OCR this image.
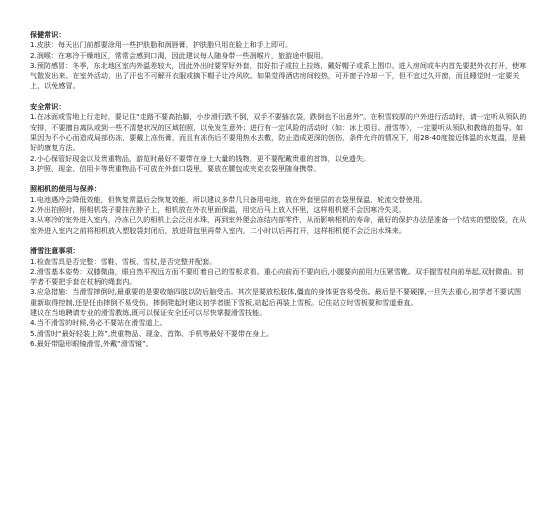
保健常识：

1.皮肤：每天出门前都要涂用一些护肤脂和润唇膏，护肤脂只用在脸上和手上即可。

2.润喉：在寒冷干燥地区，常常会感到口渴，因此建议每人随身带一些润喉片，旅游途中服用。

3.预防感冒：冬季，东北地区室内外温差较大，因此外出时要穿好外套，扣好扣子或拉上拉练，戴好帽子或系上围巾。进入房间或车内首先要把外衣打开，使寒气散发出来。在室外活动，出了汗也不可解开衣服或摘下帽子让冷风吹。如果觉得酒店房间较热，可开窗子冷却一下，但不宜过久开窗，而且睡觉时一定要关上，以免感冒。

安全常识：

1.在冰面或雪地上行走时，要记住“走路不要高抬脚，小步滑行跌不倒，双手不要插衣袋，跌倒也不出意外”。在积雪较厚的户外进行活动时，请一定听从领队的安排，不要擅自离队或到一些不清楚状况的区域拍照，以免发生意外；进行有一定风险的活动时（如：冰上项目、滑雪等），一定要听从领队和教练的指导。如果因为不小心而造成局部伤冻，要戴上冻伤膏，而且有冻伤后不要用热水去敷，防止造成更深的创伤，条件允许的情况下，用28-40度接近体温的水复温，是最好的康复方法。

2.小心保管好现金以及贵重物品，游览时最好不要带在身上大量的钱物，更不要配戴贵重的首饰，以免遗失。

3.护照、现金、信用卡等贵重物品不可放在外套口袋里，要放在腰包或夹克衣袋里随身携带。

照相机的使用与保养：

1.电池遇冷会降低效能，但恢复常温后会恢复效能，所以建议多带几只备用电池，放在外套里层的衣袋里保温，轮流交替使用。

2.外出拍照时，照相机袋子要挂在脖子上，相机放在外衣里面保温，用完后马上放入怀里，这样相机便不会因寒冷失灵。

3.从寒冷的室外进入室内，冷冻已久的相机上会泛出水珠，再到室外便会冻结内部零件，从而影响相机的寿命，最好的保护办法是准备一个结实的塑胶袋，在从室外进入室内之前将相机放入塑胶袋封闭后，放进背包里再带入室内，二小时以后再打开，这样相机便不会泛出水珠来。

滑雪注意事项：

1.检查雪具是否完整：雪鞋、雪板、雪杖,是否完整并配套。

2.滑雪基本姿势：双膝微曲，眼自然平视远方而不要盯着自己的雪板求看。重心向前而不要向后,小腿要向前用力压紧雪靴。双手握雪杖向前举起,双肘微曲。初学者不要把手套在杖柄的绳套内。

3.应急措施：当滑雪摔倒时,最重要的是要收缩四肢以防后脑受击。其次是要放松肢体,僵直的身体更容易受伤。最后是不要硬撑,一旦失去重心,初学者不要试图重新取得控制,还是任由摔倒不易受伤。摔倒爬起时建议初学者脱下雪板,站起后再装上雪板。记住站立时雪板要和雪道垂直。

建议在当地聘请专业的滑雪教练,既可以保证安全还可以尽快掌握滑雪技能。

4.当不滑雪的时候,务必不要站在滑雪道上。

5.滑雪时“最好轻装上阵”,贵重物品、现金、首饰、手机等最好不要带在身上。

6.最好带隐形眼镜滑雪,外戴“滑雪镜”。
